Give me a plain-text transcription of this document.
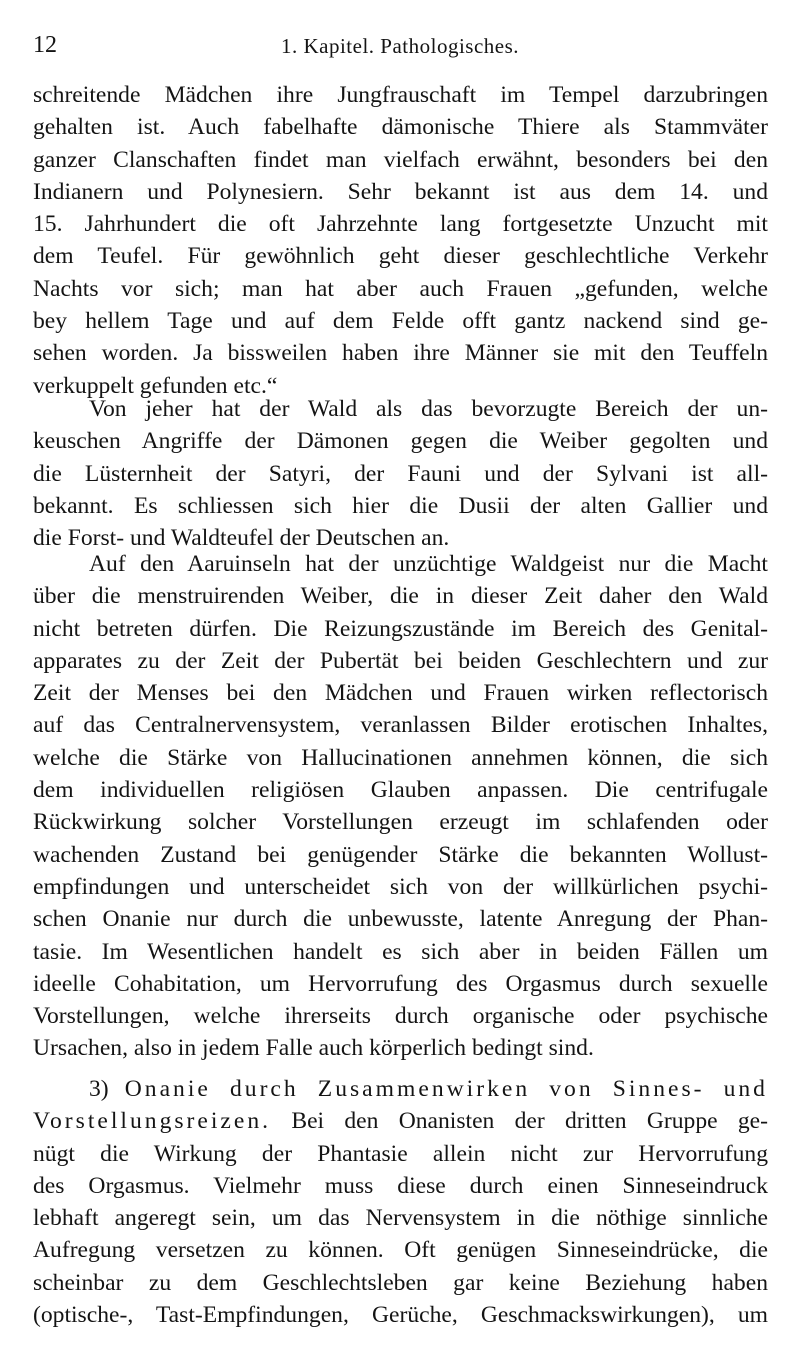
12	1. Kapitel. Pathologisches.
schreitende Mädchen ihre Jungfrauschaft im Tempel darzubringen
gehalten ist. Auch fabelhafte dämonische Thiere als Stammväter
ganzer Clanschaften findet man vielfach erwähnt, besonders bei den
Indianern und Polynesiern. Sehr bekannt ist aus dem 14. und
15. Jahrhundert die oft Jahrzehnte lang fortgesetzte Unzucht mit
dem Teufel. Für gewöhnlich geht dieser geschlechtliche Verkehr
Nachts vor sich; man hat aber auch Frauen „gefunden, welche
bey hellem Tage und auf dem Felde offt gantz nackend sind ge-
sehen worden. Ja bissweilen haben ihre Männer sie mit den Teuffeln
verkuppelt gefunden etc.“
Von jeher hat der Wald als das bevorzugte Bereich der un-
keuschen Angriffe der Dämonen gegen die Weiber gegolten und
die Lüsternheit der Satyri, der Fauni und der Sylvani ist all-
bekannt. Es schliessen sich hier die Dusii der alten Gallier und
die Forst- und Waldteufel der Deutschen an.
Auf den Aaruinseln hat der unzüchtige Waldgeist nur die Macht
über die menstruirenden Weiber, die in dieser Zeit daher den Wald
nicht betreten dürfen. Die Reizungszustände im Bereich des Genital-
apparates zu der Zeit der Pubertät bei beiden Geschlechtern und zur
Zeit der Menses bei den Mädchen und Frauen wirken reflectorisch
auf das Centralnervensystem, veranlassen Bilder erotischen Inhaltes,
welche die Stärke von Hallucinationen annehmen können, die sich
dem individuellen religiösen Glauben anpassen. Die centrifugale
Rückwirkung solcher Vorstellungen erzeugt im schlafenden oder
wachenden Zustand bei genügender Stärke die bekannten Wollust-
empfindungen und unterscheidet sich von der willkürlichen psychi-
schen Onanie nur durch die unbewusste, latente Anregung der Phan-
tasie. Im Wesentlichen handelt es sich aber in beiden Fällen um
ideelle Cohabitation, um Hervorrufung des Orgasmus durch sexuelle
Vorstellungen, welche ihrerseits durch organische oder psychische
Ursachen, also in jedem Falle auch körperlich bedingt sind.
3) Onanie durch Zusammenwirken von Sinnes- und
Vorstellungsreizen. Bei den Onanisten der dritten Gruppe ge-
nügt die Wirkung der Phantasie allein nicht zur Hervorrufung
des Orgasmus. Vielmehr muss diese durch einen Sinneseindruck
lebhaft angeregt sein, um das Nervensystem in die nöthige sinnliche
Aufregung versetzen zu können. Oft genügen Sinneseindrücke, die
scheinbar zu dem Geschlechtsleben gar keine Beziehung haben
(optische-, Tast-Empfindungen, Gerüche, Geschmackswirkungen), um
